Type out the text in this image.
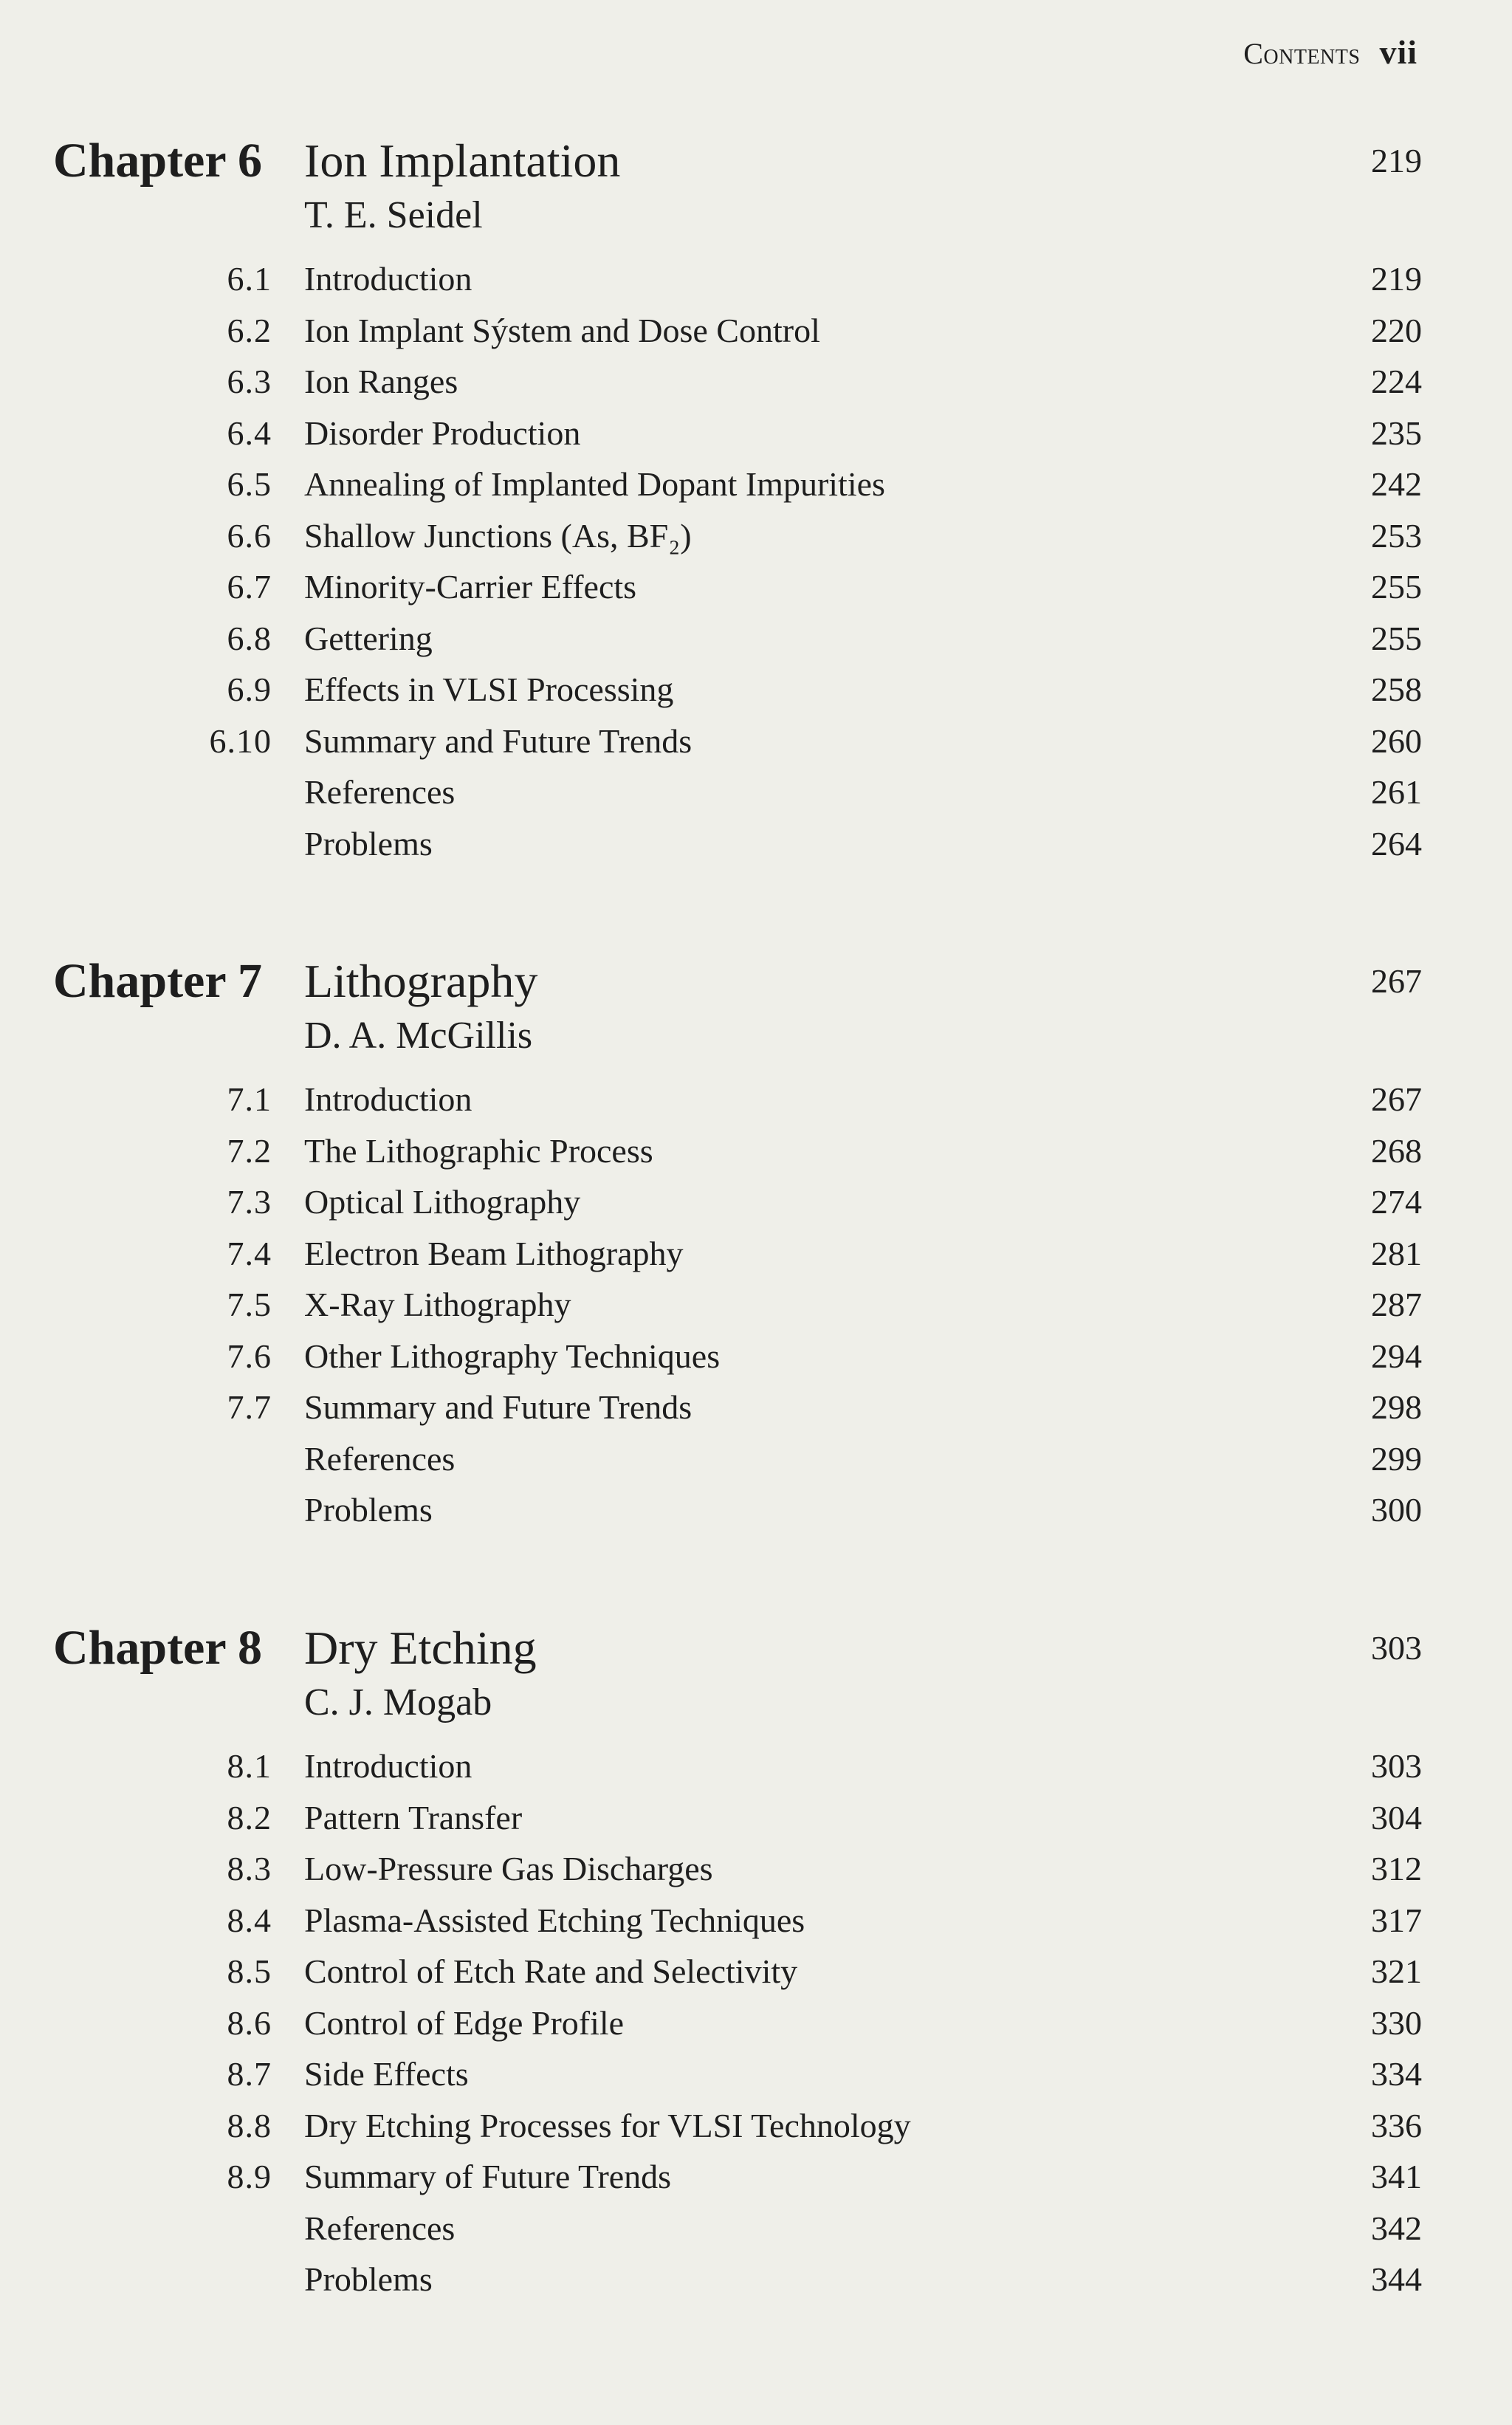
Contents vii
Chapter 6 Ion Implantation	219
T. E. Seidel
6.1 Introduction	219
6.2 Ion Implant Sýstem and Dose Control	220
6.3 Ion Ranges	224
6.4 Disorder Production	235
6.5 Annealing of Implanted Dopant Impurities	242
6.6 Shallow Junctions (As, BF₂)	253
6.7 Minority-Carrier Effects	255
6.8 Gettering	255
6.9 Effects in VLSI Processing	258
6.10 Summary and Future Trends	260
References	261
Problems	264
Chapter 7 Lithography	267
D. A. McGillis
7.1 Introduction	267
7.2 The Lithographic Process	268
7.3 Optical Lithography	274
7.4 Electron Beam Lithography	281
7.5 X-Ray Lithography	287
7.6 Other Lithography Techniques	294
7.7 Summary and Future Trends	298
References	299
Problems	300
Chapter 8 Dry Etching	303
C. J. Mogab
8.1 Introduction	303
8.2 Pattern Transfer	304
8.3 Low-Pressure Gas Discharges	312
8.4 Plasma-Assisted Etching Techniques	317
8.5 Control of Etch Rate and Selectivity	321
8.6 Control of Edge Profile	330
8.7 Side Effects	334
8.8 Dry Etching Processes for VLSI Technology	336
8.9 Summary of Future Trends	341
References	342
Problems	344
